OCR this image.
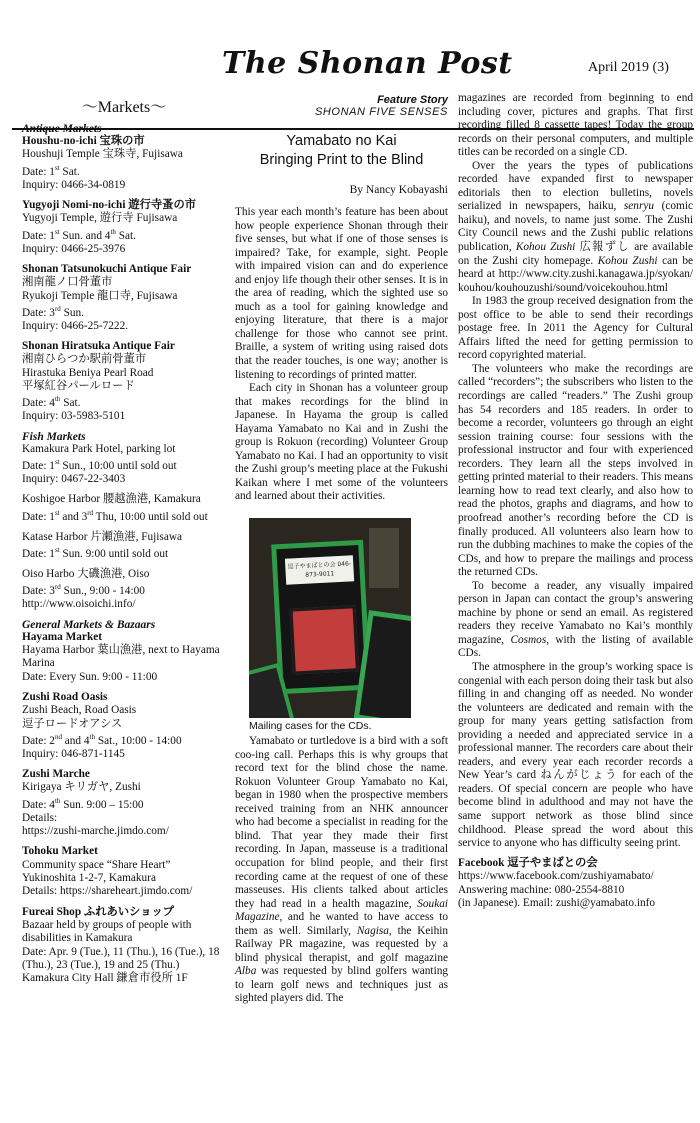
The Shonan Post	April 2019 (3)
〜Markets〜
Antique Markets
Houshu-no-ichi 宝珠の市
Houshuji Temple 宝珠寺, Fujisawa
Date: 1st Sat.
Inquiry: 0466-34-0819
Yugyoji Nomi-no-ichi 遊行寺蚤の市
Yugyoji Temple, 遊行寺 Fujisawa
Date: 1st Sun. and 4th Sat.
Inquiry: 0466-25-3976
Shonan Tatsunokuchi Antique Fair
湘南龍ノ口骨董市
Ryukoji Temple 龍口寺, Fujisawa
Date: 3rd Sun.
Inquiry: 0466-25-7222.
Shonan Hiratsuka Antique Fair
湘南ひらつか駅前骨董市
Hirastuka Beniya Pearl Road
平塚紅谷パールロード
Date: 4th Sat.
Inquiry: 03-5983-5101
Fish Markets
Kamakura Park Hotel, parking lot
Date: 1st Sun., 10:00 until sold out
Inquiry: 0467-22-3403
Koshigoe Harbor 腰越漁港, Kamakura
Date: 1st and 3rd Thu, 10:00 until sold out
Katase Harbor 片瀬漁港, Fujisawa
Date: 1st Sun. 9:00 until sold out
Oiso Harbo 大磯漁港, Oiso
Date: 3rd Sun., 9:00 - 14:00
http://www.oisoichi.info/
General Markets & Bazaars
Hayama Market
Hayama Harbor 葉山漁港, next to Hayama Marina
Date: Every Sun. 9:00 - 11:00
Zushi Road Oasis
Zushi Beach, Road Oasis
逗子ロードオアシス
Date: 2nd and 4th Sat., 10:00 - 14:00
Inquiry: 046-871-1145
Zushi Marche
Kirigaya キリガヤ, Zushi
Date: 4th Sun. 9:00 – 15:00
Details:
https://zushi-marche.jimdo.com/
Tohoku Market
Community space “Share Heart”
Yukinoshita 1-2-7, Kamakura
Details: https://shareheart.jimdo.com/
Fureai Shop ふれあいショップ
Bazaar held by groups of people with disabilities in Kamakura
Date: Apr. 9 (Tue.), 11 (Thu.), 16 (Tue.), 18 (Thu.), 23 (Tue.), 19 and 25 (Thu.)
Kamakura City Hall 鎌倉市役所 1F
Feature Story
SHONAN FIVE SENSES
Yamabato no Kai
Bringing Print to the Blind
By Nancy Kobayashi

This year each month’s feature has been about how people experience Shonan through their five senses, but what if one of those senses is impaired? Take, for example, sight. People with impaired vision can and do experience and enjoy life though their other senses. It is in the area of reading, which the sighted use so much as a tool for gaining knowledge and enjoying literature, that there is a major challenge for those who cannot see print. Braille, a system of writing using raised dots that the reader touches, is one way; another is listening to recordings of printed matter.

Each city in Shonan has a volunteer group that makes recordings for the blind in Japanese. In Hayama the group is called Hayama Yamabato no Kai and in Zushi the group is Rokuon (recording) Volunteer Group Yamabato no Kai. I had an opportunity to visit the Zushi group’s meeting place at the Fukushi Kaikan where I met some of the volunteers and learned about their activities.

逗子やまばとの会 046-873-9011
Mailing cases for the CDs.

Yamabato or turtledove is a bird with a soft coo-ing call. Perhaps this is why groups that record text for the blind chose the name. Rokuon Volunteer Group Yamabato no Kai, began in 1980 when the prospective members received training from an NHK announcer who had become a specialist in reading for the blind. That year they made their first recording. In Japan, masseuse is a traditional occupation for blind people, and their first recording came at the request of one of these masseuses. His clients talked about articles they had read in a health magazine, Soukai Magazine, and he wanted to have access to them as well. Similarly, Nagisa, the Keihin Railway PR magazine, was requested by a blind physical therapist, and golf magazine Alba was requested by blind golfers wanting to learn golf news and techniques just as sighted players did. The

magazines are recorded from beginning to end including cover, pictures and graphs. That first recording filled 8 cassette tapes! Today the group records on their personal computers, and multiple titles can be recorded on a single CD.

Over the years the types of publications recorded have expanded first to newspaper editorials then to election bulletins, novels serialized in newspapers, haiku, senryu (comic haiku), and novels, to name just some. The Zushi City Council news and the Zushi public relations publication, Kohou Zushi 広報ずし are available on the Zushi city homepage. Kohou Zushi can be heard at http://www.city.zushi.kanagawa.jp/syokan/kouhou/kouhouzushi/sound/voicekouhou.html

In 1983 the group received designation from the post office to be able to send their recordings postage free. In 2011 the Agency for Cultural Affairs lifted the need for getting permission to record copyrighted material.

The volunteers who make the recordings are called “recorders”; the subscribers who listen to the recordings are called “readers.” The Zushi group has 54 recorders and 185 readers. In order to become a recorder, volunteers go through an eight session training course: four sessions with the professional instructor and four with experienced recorders. They learn all the steps involved in getting printed material to their readers. This means learning how to read text clearly, and also how to read the photos, graphs and diagrams, and how to proofread another’s recording before the CD is finally produced. All volunteers also learn how to run the dubbing machines to make the copies of the CDs, and how to prepare the mailings and process the returned CDs.

To become a reader, any visually impaired person in Japan can contact the group’s answering machine by phone or send an email. As registered readers they receive Yamabato no Kai’s monthly magazine, Cosmos, with the listing of available CDs.

The atmosphere in the group’s working space is congenial with each person doing their task but also filling in and changing off as needed. No wonder the volunteers are dedicated and remain with the group for many years getting satisfaction from providing a needed and appreciated service in a professional manner. The recorders care about their readers, and every year each recorder records a New Year’s card ねんがじょう for each of the readers. Of special concern are people who have become blind in adulthood and may not have the same support network as those blind since childhood. Please spread the word about this service to anyone who has difficulty seeing print.

Facebook 逗子やまばとの会
https://www.facebook.com/zushiyamabato/
Answering machine: 080-2554-8810
(in Japanese). Email: zushi@yamabato.info
